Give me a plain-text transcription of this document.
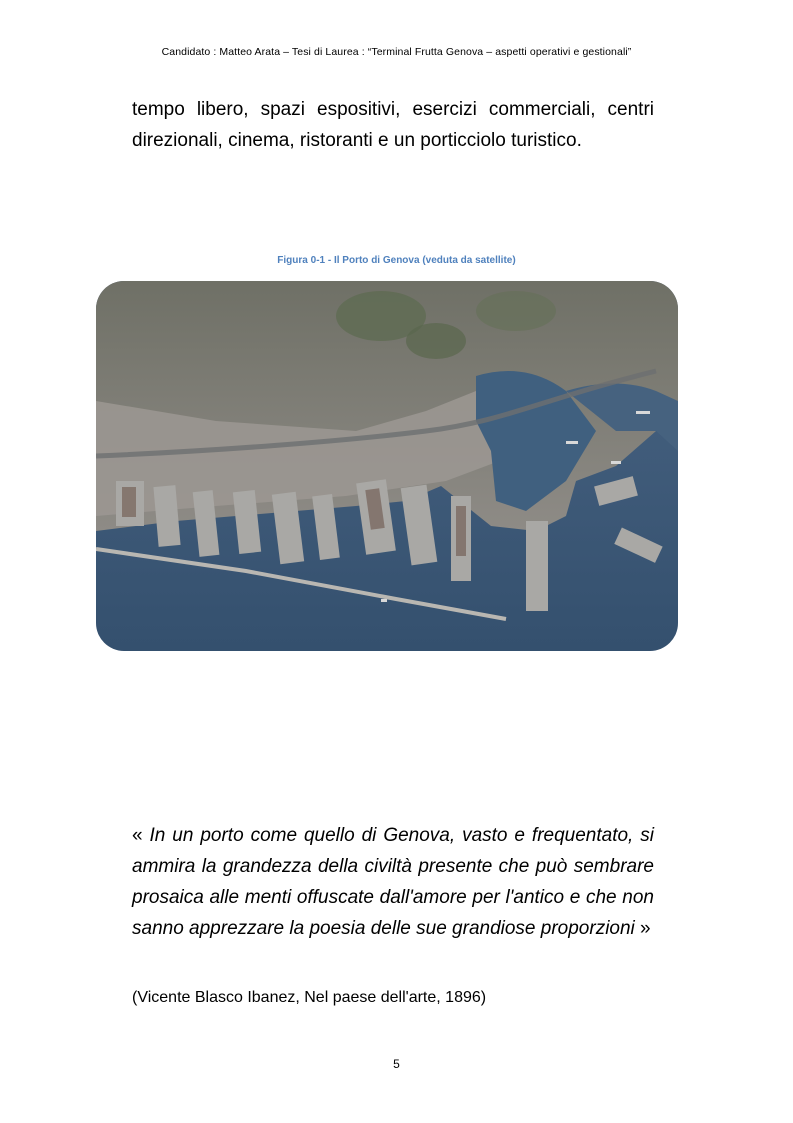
Candidato : Matteo Arata – Tesi di Laurea : “Terminal Frutta Genova – aspetti operativi e gestionali”
tempo libero, spazi espositivi, esercizi commerciali, centri direzionali, cinema, ristoranti e un porticciolo turistico.
Figura 0-1 - Il Porto di Genova (veduta da satellite)
« In un porto come quello di Genova, vasto e frequentato, si ammira la grandezza della civiltà presente che può sembrare prosaica alle menti offuscate dall'amore per l'antico e che non sanno apprezzare la poesia delle sue grandiose proporzioni »
(Vicente Blasco Ibanez, Nel paese dell'arte, 1896)
5
